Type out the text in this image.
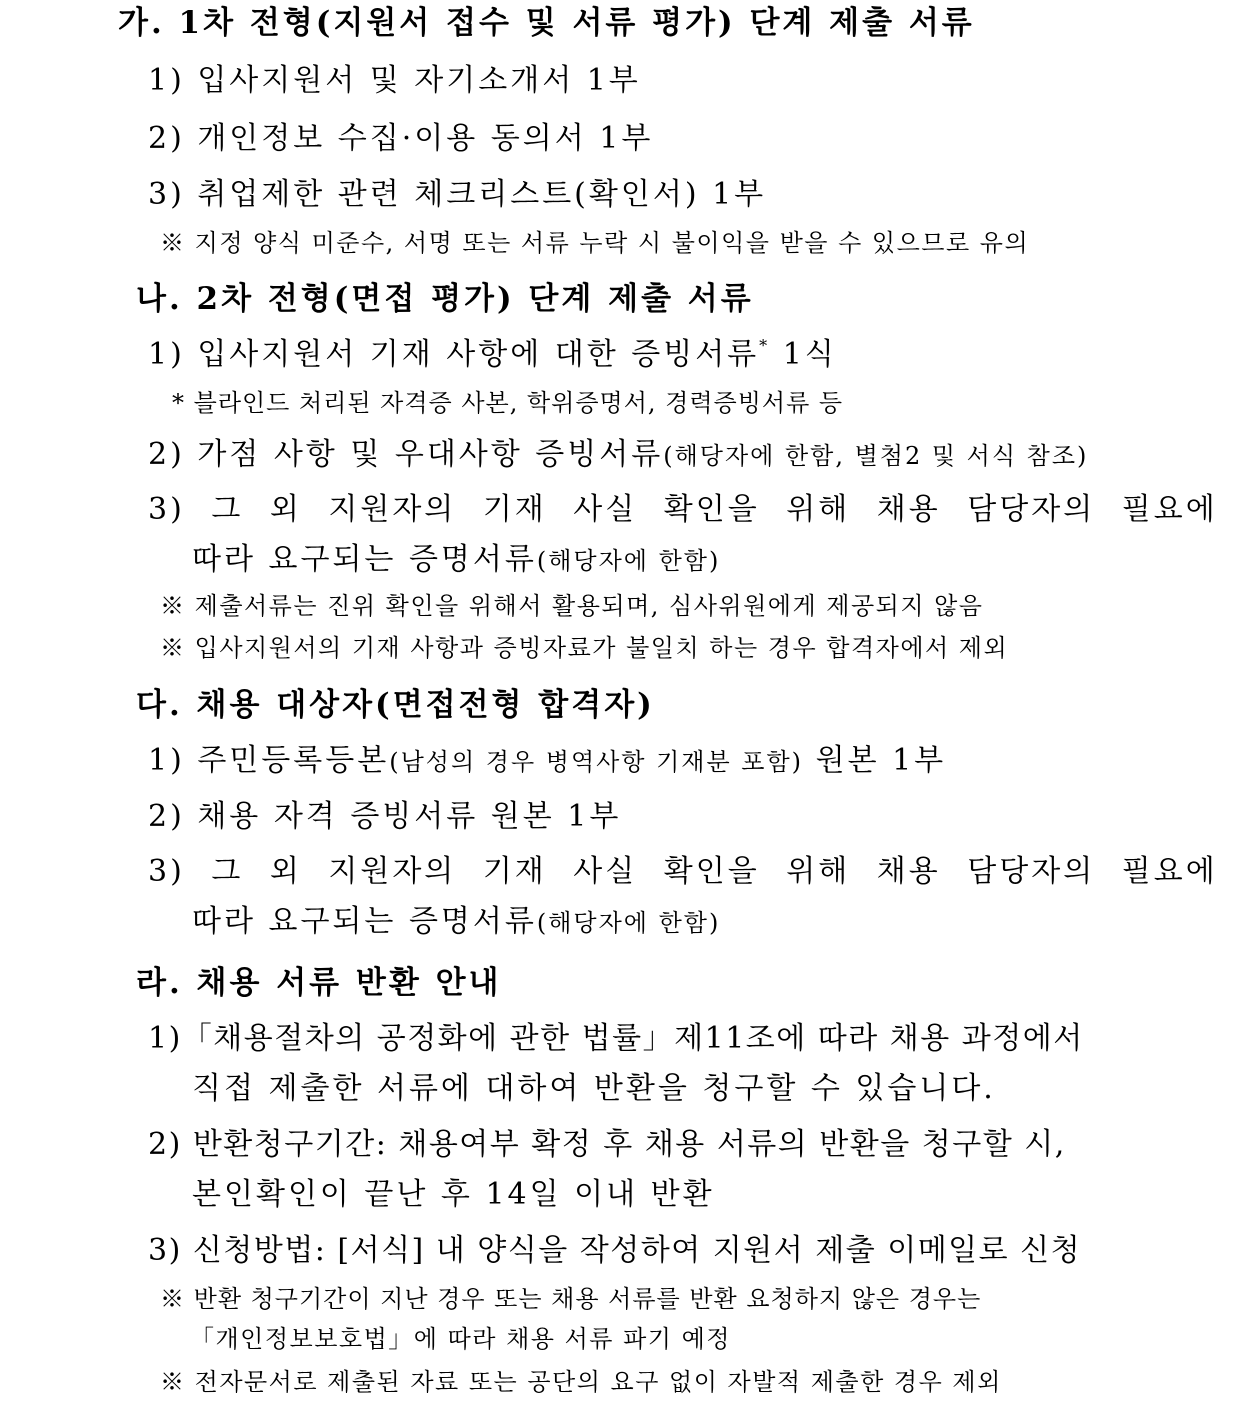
가. 1차 전형(지원서 접수 및 서류 평가) 단계 제출 서류
1) 입사지원서 및 자기소개서 1부
2) 개인정보 수집·이용 동의서 1부
3) 취업제한 관련 체크리스트(확인서) 1부
※ 지정 양식 미준수, 서명 또는 서류 누락 시 불이익을 받을 수 있으므로 유의
나. 2차 전형(면접 평가) 단계 제출 서류
1) 입사지원서 기재 사항에 대한 증빙서류* 1식
* 블라인드 처리된 자격증 사본, 학위증명서, 경력증빙서류 등
2) 가점 사항 및 우대사항 증빙서류(해당자에 한함, 별첨2 및 서식 참조)
3) 그 외 지원자의 기재 사실 확인을 위해 채용 담당자의 필요에
따라 요구되는 증명서류(해당자에 한함)
※ 제출서류는 진위 확인을 위해서 활용되며, 심사위원에게 제공되지 않음
※ 입사지원서의 기재 사항과 증빙자료가 불일치 하는 경우 합격자에서 제외
다. 채용 대상자(면접전형 합격자)
1) 주민등록등본(남성의 경우 병역사항 기재분 포함) 원본 1부
2) 채용 자격 증빙서류 원본 1부
3) 그 외 지원자의 기재 사실 확인을 위해 채용 담당자의 필요에
따라 요구되는 증명서류(해당자에 한함)
라. 채용 서류 반환 안내
1)「채용절차의 공정화에 관한 법률」제11조에 따라 채용 과정에서
직접 제출한 서류에 대하여 반환을 청구할 수 있습니다.
2) 반환청구기간: 채용여부 확정 후 채용 서류의 반환을 청구할 시,
본인확인이 끝난 후 14일 이내 반환
3) 신청방법: [서식] 내 양식을 작성하여 지원서 제출 이메일로 신청
※ 반환 청구기간이 지난 경우 또는 채용 서류를 반환 요청하지 않은 경우는
「개인정보보호법」에 따라 채용 서류 파기 예정
※ 전자문서로 제출된 자료 또는 공단의 요구 없이 자발적 제출한 경우 제외
